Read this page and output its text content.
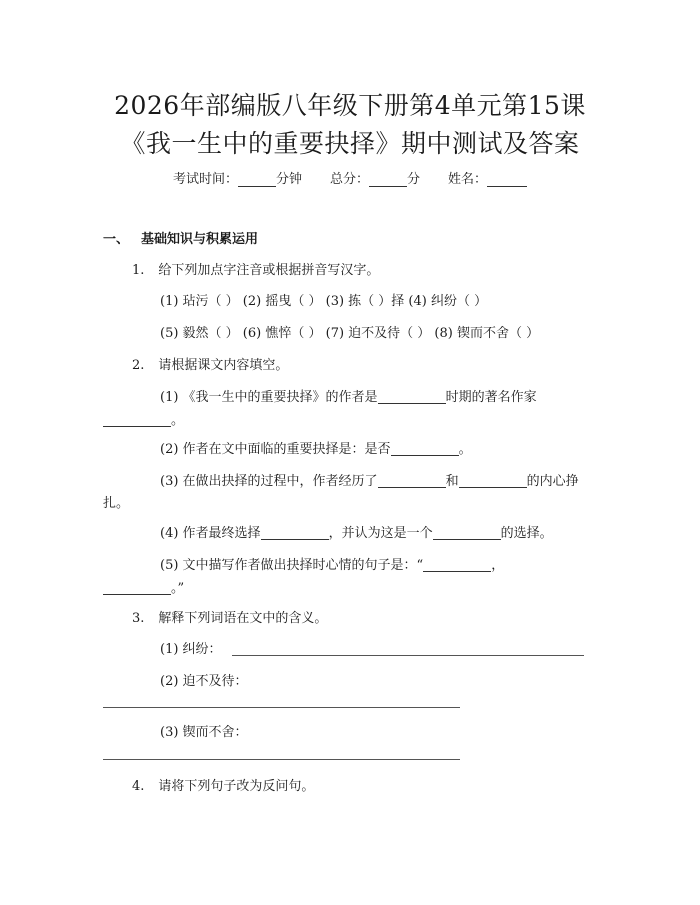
2026年部编版八年级下册第4单元第15课
《我一生中的重要抉择》期中测试及答案
考试时间：	分钟 总分：	分 姓名：
一、 基础知识与积累运用
1. 给下列加点字注音或根据拼音写汉字。
(1) 玷污（ ） (2) 摇曳（ ） (3) 拣（ ）择 (4) 纠纷（ ）
(5) 毅然（ ） (6) 憔悴（ ） (7) 迫不及待（ ） (8) 锲而不舍（ ）
2. 请根据课文内容填空。
(1) 《我一生中的重要抉择》的作者是	时期的著名作家
。
(2) 作者在文中面临的重要抉择是：是否	。
(3) 在做出抉择的过程中，作者经历了	和	的内心挣
扎。
(4) 作者最终选择	，并认为这是一个	的选择。
(5) 文中描写作者做出抉择时心情的句子是：“	，
。”
3. 解释下列词语在文中的含义。
(1) 纠纷：
(2) 迫不及待：
(3) 锲而不舍：
4. 请将下列句子改为反问句。
